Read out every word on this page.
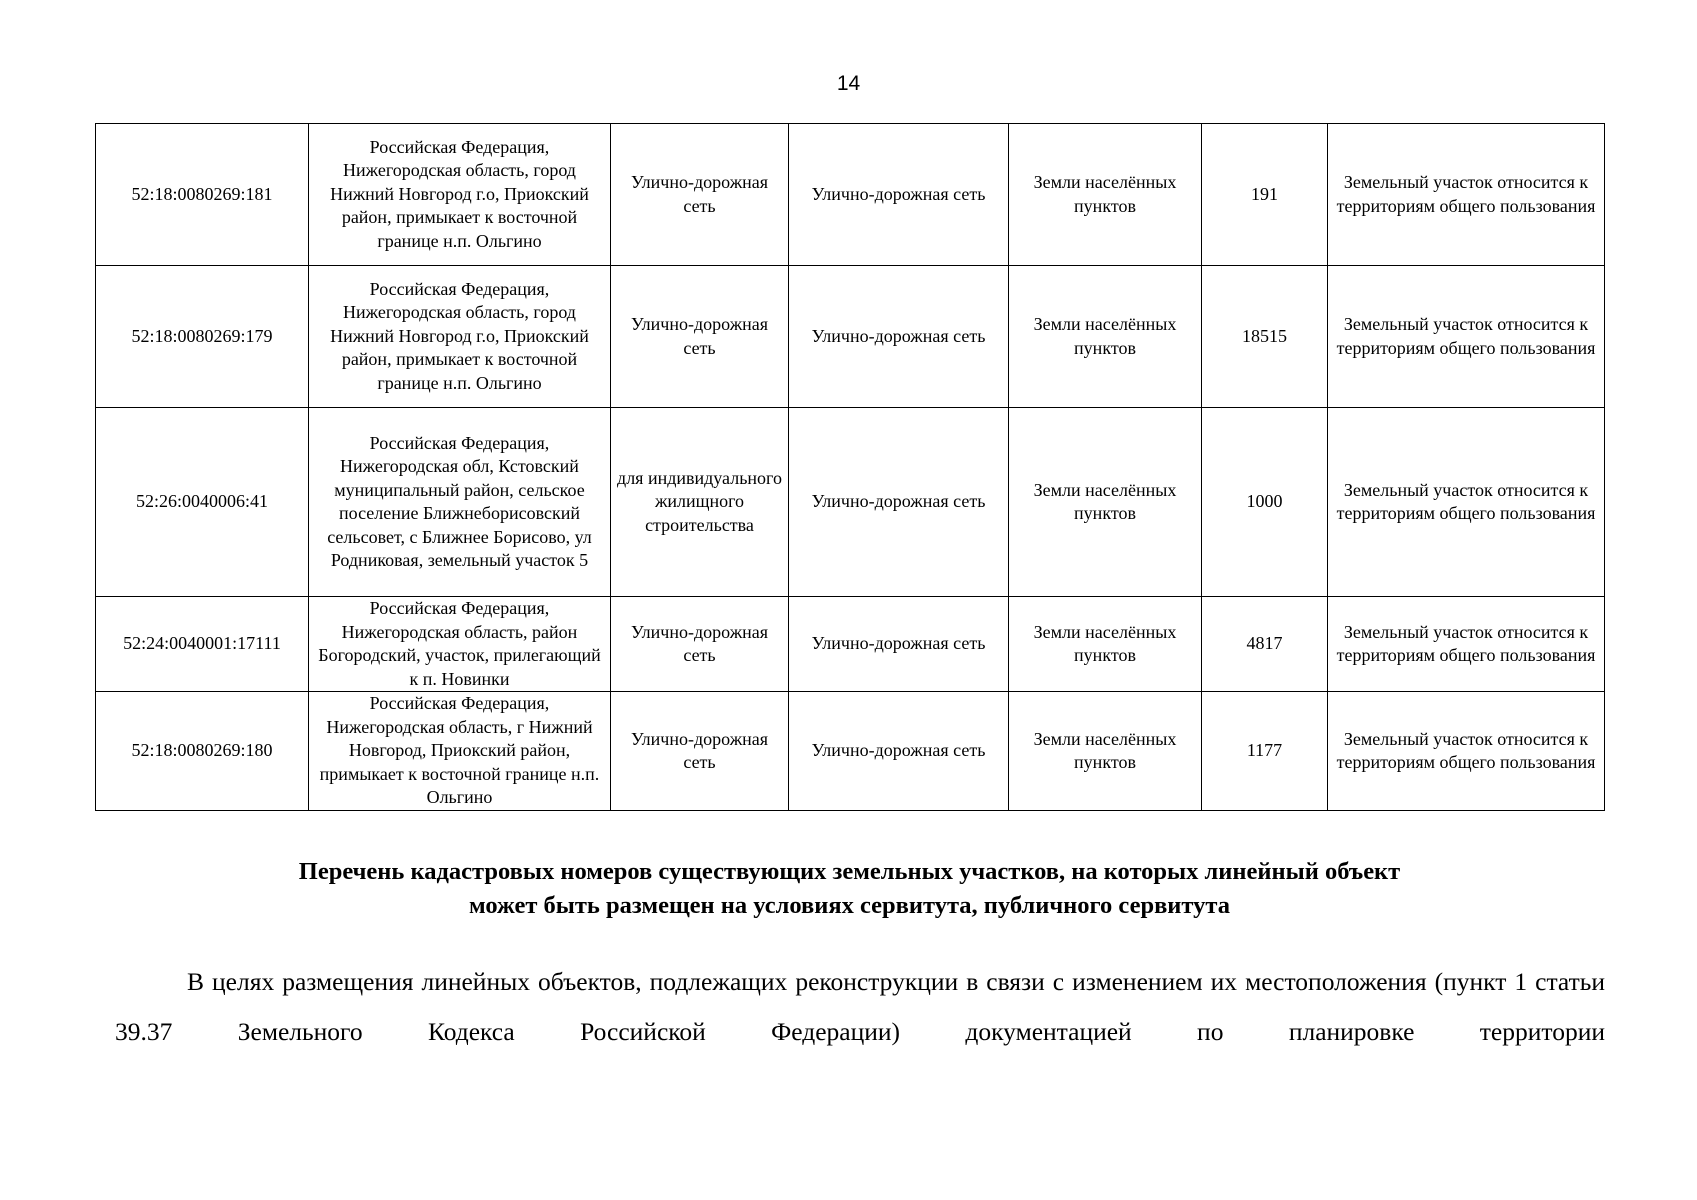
14
52:18:0080269:181	Российская Федерация, Нижегородская область, город Нижний Новгород г.о, Приокский район, примыкает к восточной границе н.п. Ольгино	Улично-дорожная сеть	Улично-дорожная сеть	Земли населённых пунктов	191	Земельный участок относится к территориям общего пользования
52:18:0080269:179	Российская Федерация, Нижегородская область, город Нижний Новгород г.о, Приокский район, примыкает к восточной границе н.п. Ольгино	Улично-дорожная сеть	Улично-дорожная сеть	Земли населённых пунктов	18515	Земельный участок относится к территориям общего пользования
52:26:0040006:41	Российская Федерация, Нижегородская обл, Кстовский муниципальный район, сельское поселение Ближнеборисовский сельсовет, с Ближнее Борисово, ул Родниковая, земельный участок 5	для индивидуального жилищного строительства	Улично-дорожная сеть	Земли населённых пунктов	1000	Земельный участок относится к территориям общего пользования
52:24:0040001:17111	Российская Федерация, Нижегородская область, район Богородский, участок, прилегающий к п. Новинки	Улично-дорожная сеть	Улично-дорожная сеть	Земли населённых пунктов	4817	Земельный участок относится к территориям общего пользования
52:18:0080269:180	Российская Федерация, Нижегородская область, г Нижний Новгород, Приокский район, примыкает к восточной границе н.п. Ольгино	Улично-дорожная сеть	Улично-дорожная сеть	Земли населённых пунктов	1177	Земельный участок относится к территориям общего пользования
Перечень кадастровых номеров существующих земельных участков, на которых линейный объект
может быть размещен на условиях сервитута, публичного сервитута
В целях размещения линейных объектов, подлежащих реконструкции в связи с изменением их местоположения (пункт 1 статьи 39.37 Земельного Кодекса Российской Федерации) документацией по планировке территории
